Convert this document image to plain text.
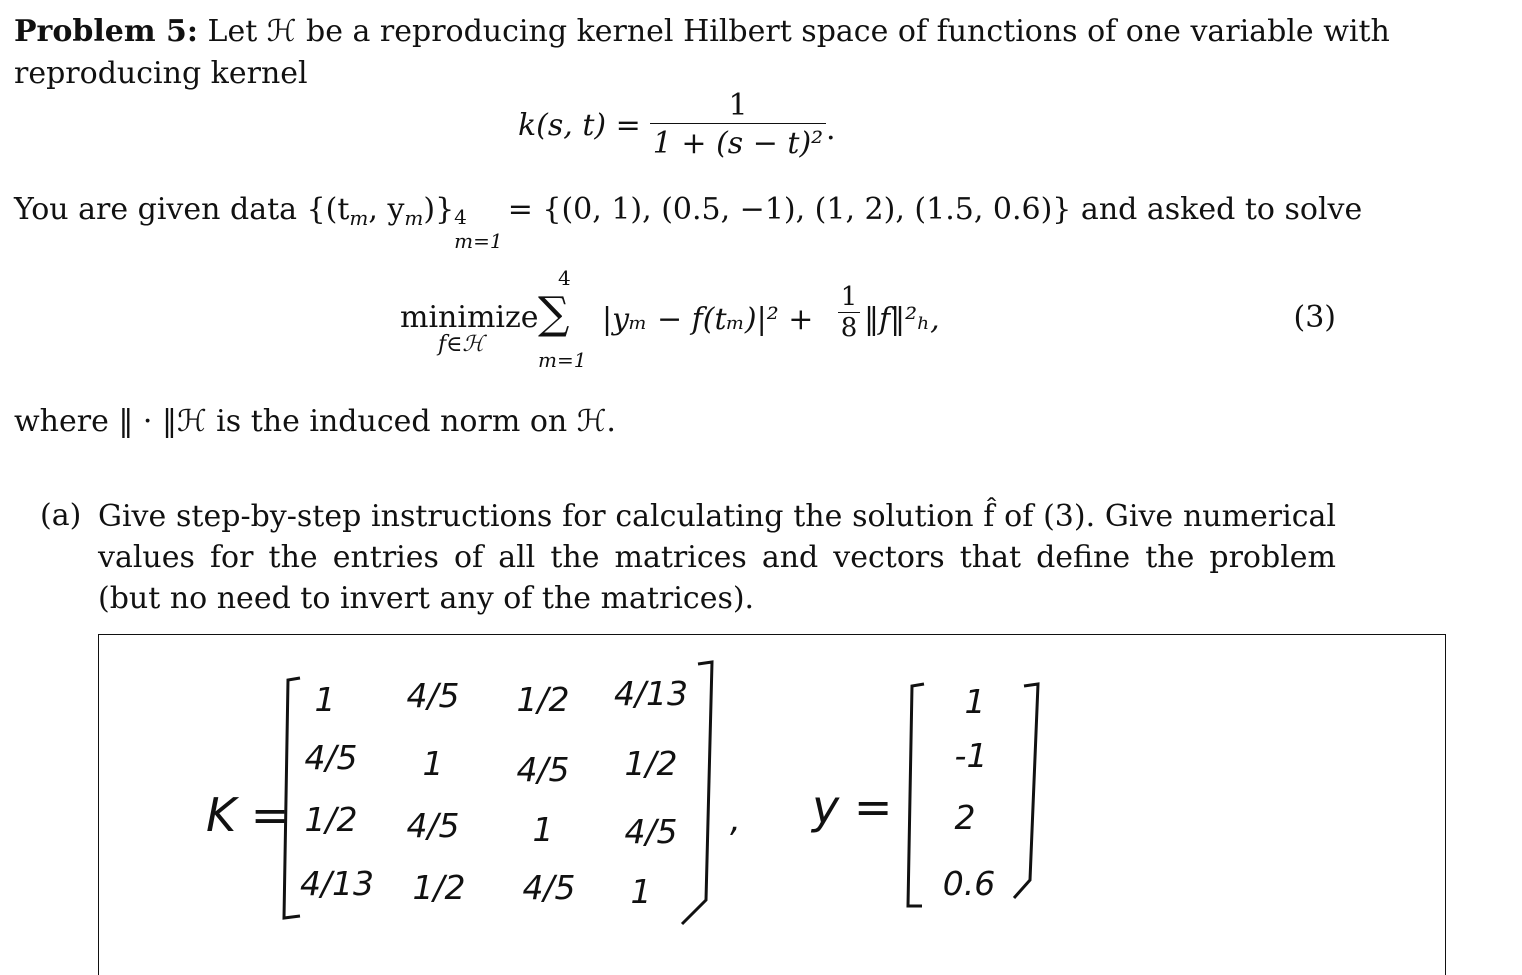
Problem 5: Let ℋ be a reproducing kernel Hilbert space of functions of one variable with
reproducing kernel
k(s, $t) = \frac{1}{\text{1 + (s − t)²}}$ .
You are given data {($t_m$, $y_m$)} 4
m=1
= {(0, 1), (0.5, −1), (1, 2), (1.5, 0.6)} and asked to solve
minimize
f∈ℋ
4
∑
m=1
$|y_m - f(t_m)|^2 + \frac{1}{8}$ ‖f‖²ₕ,	(3)
where ‖ · ‖ℋ is the induced norm on ℋ.
(a) Give step-by-step instructions for calculating the solution f̂ of (3). Give numerical values for the entries of all the matrices and vectors that define the problem (but no need to invert any of the matrices).
K =
1	4/5	1/2	4/13
4/5	1	4/5	1/2
1/2	4/5	1	4/5
4/13	1/2	4/5	1
, y =
1
-1
2
0.6
